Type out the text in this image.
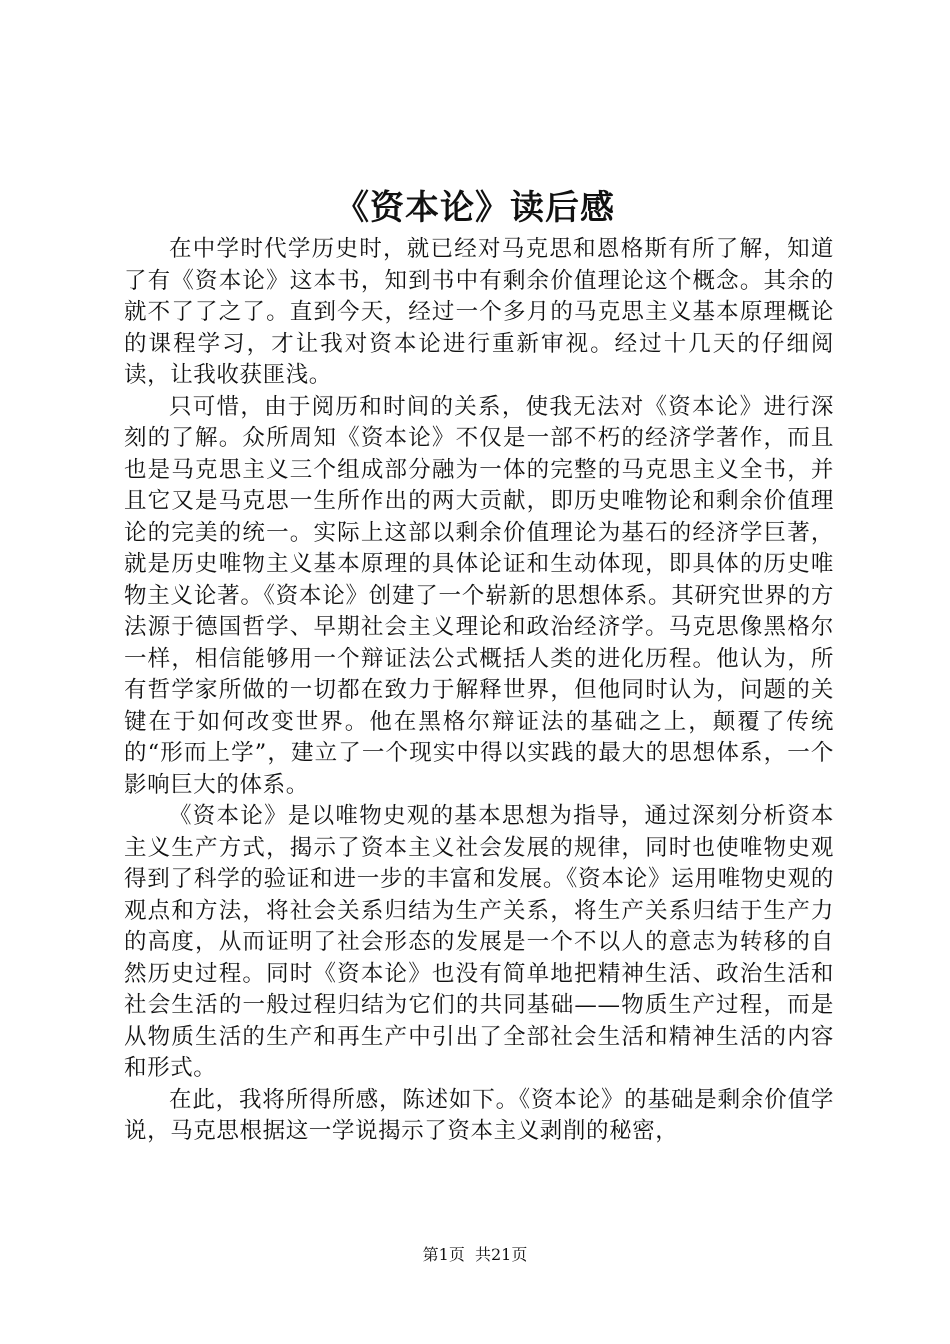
《资本论》读后感

在中学时代学历史时，就已经对马克思和恩格斯有所了解，知道了有《资本论》这本书，知到书中有剩余价值理论这个概念。其余的就不了了之了。直到今天，经过一个多月的马克思主义基本原理概论的课程学习，才让我对资本论进行重新审视。经过十几天的仔细阅读，让我收获匪浅。

只可惜，由于阅历和时间的关系，使我无法对《资本论》进行深刻的了解。众所周知《资本论》不仅是一部不朽的经济学著作，而且也是马克思主义三个组成部分融为一体的完整的马克思主义全书，并且它又是马克思一生所作出的两大贡献，即历史唯物论和剩余价值理论的完美的统一。实际上这部以剩余价值理论为基石的经济学巨著，就是历史唯物主义基本原理的具体论证和生动体现，即具体的历史唯物主义论著。《资本论》创建了一个崭新的思想体系。其研究世界的方法源于德国哲学、早期社会主义理论和政治经济学。马克思像黑格尔一样，相信能够用一个辩证法公式概括人类的进化历程。他认为，所有哲学家所做的一切都在致力于解释世界，但他同时认为，问题的关键在于如何改变世界。他在黑格尔辩证法的基础之上，颠覆了传统的“形而上学”，建立了一个现实中得以实践的最大的思想体系，一个影响巨大的体系。

《资本论》是以唯物史观的基本思想为指导，通过深刻分析资本主义生产方式，揭示了资本主义社会发展的规律，同时也使唯物史观得到了科学的验证和进一步的丰富和发展。《资本论》运用唯物史观的观点和方法，将社会关系归结为生产关系，将生产关系归结于生产力的高度，从而证明了社会形态的发展是一个不以人的意志为转移的自然历史过程。同时《资本论》也没有简单地把精神生活、政治生活和社会生活的一般过程归结为它们的共同基础——物质生产过程，而是从物质生活的生产和再生产中引出了全部社会生活和精神生活的内容和形式。

在此，我将所得所感，陈述如下。《资本论》的基础是剩余价值学说，马克思根据这一学说揭示了资本主义剥削的秘密，

第1页  共21页
